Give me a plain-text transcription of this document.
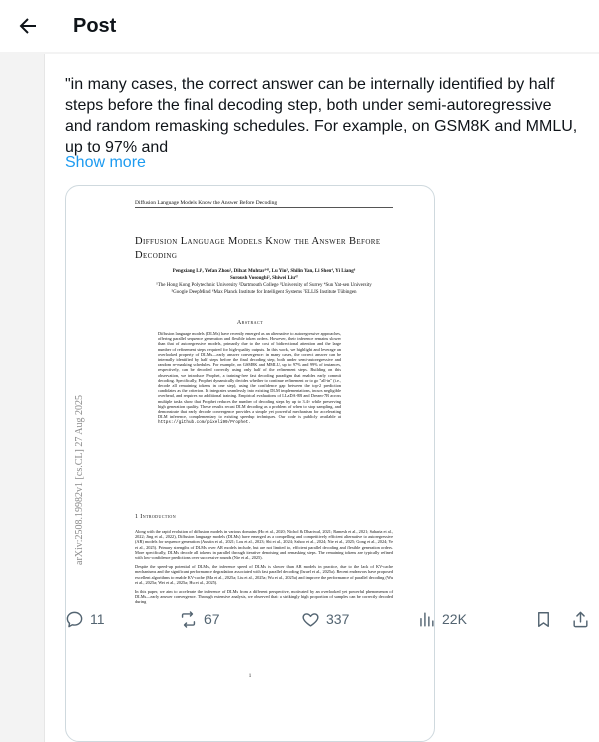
Post
"in many cases, the correct answer can be internally identified by half steps before the final decoding step, both under semi-autoregressive and random remasking schedules. For example, on GSM8K and MMLU, up to 97% and
Show more
Diffusion Language Models Know the Answer Before Decoding
Diffusion Language Models Know the Answer Before Decoding
Pengxiang Li¹, Yefan Zhou², Dilxat Muhtar³⁴⁵, Lu Yin³, Shilin Yan, Li Shen⁴, Yi Liang⁶
Soroush Vosoughi², Shiwei Liu⁴⁷
¹The Hong Kong Polytechnic University ²Dartmouth College ³University of Surrey ⁴Sun Yat-sen University
⁵Google DeepMind ⁶Max Planck Institute for Intelligent Systems ⁷ELLIS Institute Tübingen
arXiv:2508.19982v1 [cs.CL] 27 Aug 2025
Abstract
Diffusion language models (DLMs) have recently emerged as an alternative to autoregressive approaches, offering parallel sequence generation and flexible token orders. However, their inference remains slower than that of autoregressive models, primarily due to the cost of bidirectional attention and the large number of refinement steps required for high-quality outputs. In this work, we highlight and leverage an overlooked property of DLMs—early answer convergence: in many cases, the correct answer can be internally identified by half steps before the final decoding step, both under semi-autoregressive and random re-masking schedules. For example, on GSM8K and MMLU, up to 97% and 99% of instances, respectively, can be decoded correctly using only half of the refinement steps. Building on this observation, we introduce Prophet, a training-free fast decoding paradigm that enables early commit decoding. Specifically, Prophet dynamically decides whether to continue refinement or to go "all-in" (i.e., decode all remaining tokens in one step), using the confidence gap between the top-2 prediction candidates as the criterion. It integrates seamlessly into existing DLM implementations, incurs negligible overhead, and requires no additional training. Empirical evaluations of LLaDA-8B and Dream-7B across multiple tasks show that Prophet reduces the number of decoding steps by up to 3.4× while preserving high generation quality. These results recast DLM decoding as a problem of when to stop sampling, and demonstrate that early decode convergence provides a simple yet powerful mechanism for accelerating DLM inference, complementary to existing speedup techniques. Our code is publicly available at https://github.com/pixeli99/Prophet.
1 Introduction

Along with the rapid evolution of diffusion models in various domains (Ho et al., 2020; Nichol & Dhariwal, 2021; Ramesh et al., 2021; Saharia et al., 2022; Jing et al., 2022), Diffusion language models (DLMs) have emerged as a compelling and competitively efficient alternative to autoregressive (AR) models for sequence generation (Austin et al., 2021; Lou et al., 2023; Shi et al., 2024; Sahoo et al., 2024; Nie et al., 2025; Gong et al., 2024; Ye et al., 2025). Primary strengths of DLMs over AR models include, but are not limited to, efficient parallel decoding and flexible generation orders. More specifically, DLMs decode all tokens in parallel through iterative denoising and remasking steps. The remaining tokens are typically refined with low-confidence predictions over successive rounds (Nie et al., 2025).

Despite the speed-up potential of DLMs, the inference speed of DLMs is slower than AR models in practice, due to the lack of KV-cache mechanisms and the significant performance degradation associated with fast parallel decoding (Israel et al., 2025a). Recent endeavors have proposed excellent algorithms to enable KV-cache (Ma et al., 2025a; Liu et al., 2025a; Wu et al., 2025a) and improve the performance of parallel decoding (Wu et al., 2025a; Wei et al., 2025a; Hu et al., 2025).

In this paper, we aim to accelerate the inference of DLMs from a different perspective, motivated by an overlooked yet powerful phenomenon of DLMs—early answer convergence. Through extensive analysis, we observed that: a strikingly high proportion of samples can be correctly decoded during

1
11	67	337	22K
